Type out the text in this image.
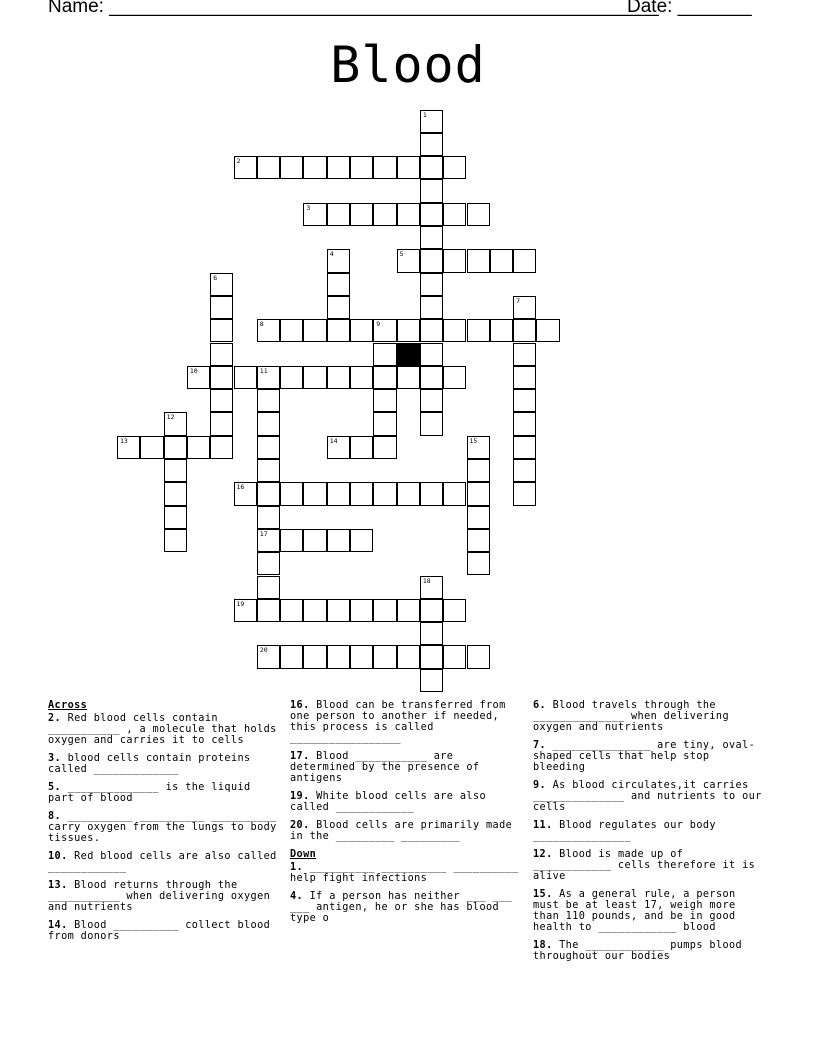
Name: ____________________________________________________
Date: _______
Blood
1
2
3
4	5
6
7
8	9
10	11
12
13	14	15
16
17
18
19
20
Across
2. Red blood cells contain ___________ , a molecule that holds oxygen and carries it to cells
3. blood cells contain proteins called _____________
5. ______________ is the liquid part of blood
8. __________ __________ __________ carry oxygen from the lungs to body tissues.
10. Red blood cells are also called ____________
13. Blood returns through the ___________ when delivering oxygen and nutrients
14. Blood __________ collect blood from donors
16. Blood can be transferred from one person to another if needed, this process is called _________________
17. Blood ___________ are determined by the presence of antigens
19. White blood cells are also called ____________
20. Blood cells are primarily made in the _________ _________
Down
1. __________ __________ __________ help fight infections
4. If a person has neither ___ ___ ___ antigen, he or she has blood type o
6. Blood travels through the ______________ when delivering oxygen and nutrients
7. _______________ are tiny, oval-shaped cells that help stop bleeding
9. As blood circulates,it carries ______________ and nutrients to our cells
11. Blood regulates our body _______________
12. Blood is made up of ____________ cells therefore it is alive
15. As a general rule, a person must be at least 17, weigh more than 110 pounds, and be in good health to ____________ blood
18. The ____________ pumps blood throughout our bodies
